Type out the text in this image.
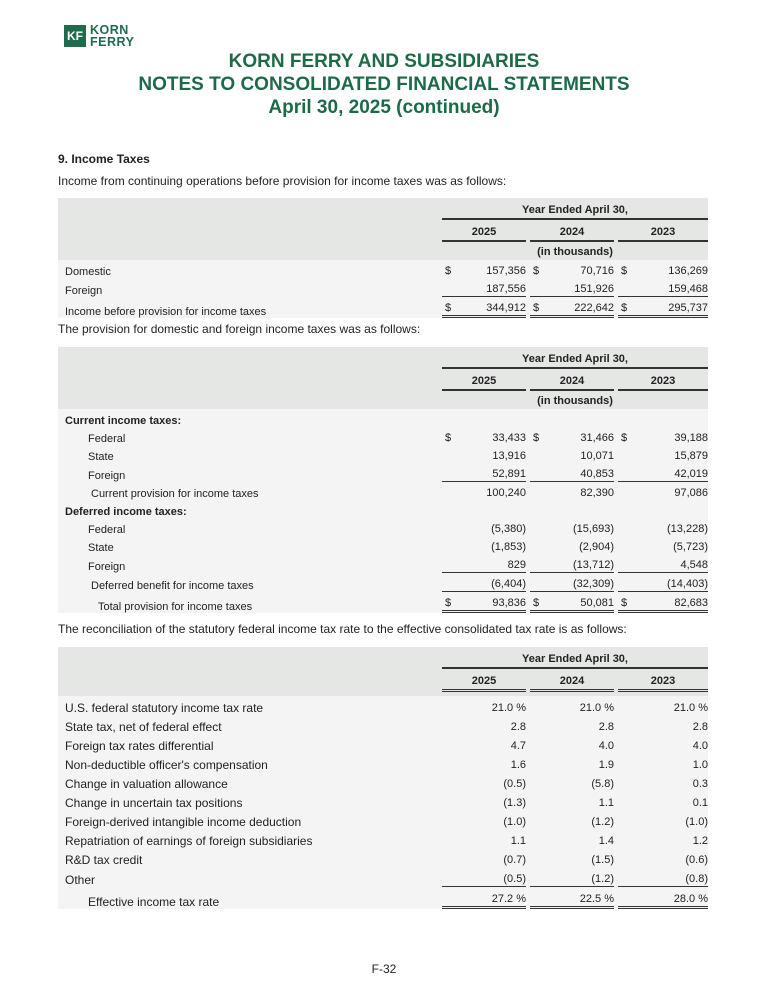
KF KORN
FERRY
KORN FERRY AND SUBSIDIARIES
NOTES TO CONSOLIDATED FINANCIAL STATEMENTS
April 30, 2025 (continued)
9. Income Taxes
Income from continuing operations before provision for income taxes was as follows:
Year Ended April 30,
2025	2024	2023
(in thousands)
Domestic	$	157,356 $	70,716 $	136,269
Foreign	187,556	151,926	159,468
Income before provision for income taxes	$	344,912 $	222,642 $	295,737
The provision for domestic and foreign income taxes was as follows:
Year Ended April 30,
2025	2024	2023
(in thousands)
Current income taxes:
Federal	$	33,433 $	31,466 $	39,188
State	13,916	10,071	15,879
Foreign	52,891	40,853	42,019
Current provision for income taxes	100,240	82,390	97,086
Deferred income taxes:
Federal	(5,380)	(15,693)	(13,228)
State	(1,853)	(2,904)	(5,723)
Foreign	829	(13,712)	4,548
Deferred benefit for income taxes	(6,404)	(32,309)	(14,403)
Total provision for income taxes	$	93,836 $	50,081 $	82,683
The reconciliation of the statutory federal income tax rate to the effective consolidated tax rate is as follows:
Year Ended April 30,
2025	2024	2023
U.S. federal statutory income tax rate	21.0 %	21.0 %	21.0 %
State tax, net of federal effect	2.8	2.8	2.8
Foreign tax rates differential	4.7	4.0	4.0
Non-deductible officer's compensation	1.6	1.9	1.0
Change in valuation allowance	(0.5)	(5.8)	0.3
Change in uncertain tax positions	(1.3)	1.1	0.1
Foreign-derived intangible income deduction	(1.0)	(1.2)	(1.0)
Repatriation of earnings of foreign subsidiaries	1.1	1.4	1.2
R&D tax credit	(0.7)	(1.5)	(0.6)
Other	(0.5)	(1.2)	(0.8)
Effective income tax rate	27.2 %	22.5 %	28.0 %
F-32
